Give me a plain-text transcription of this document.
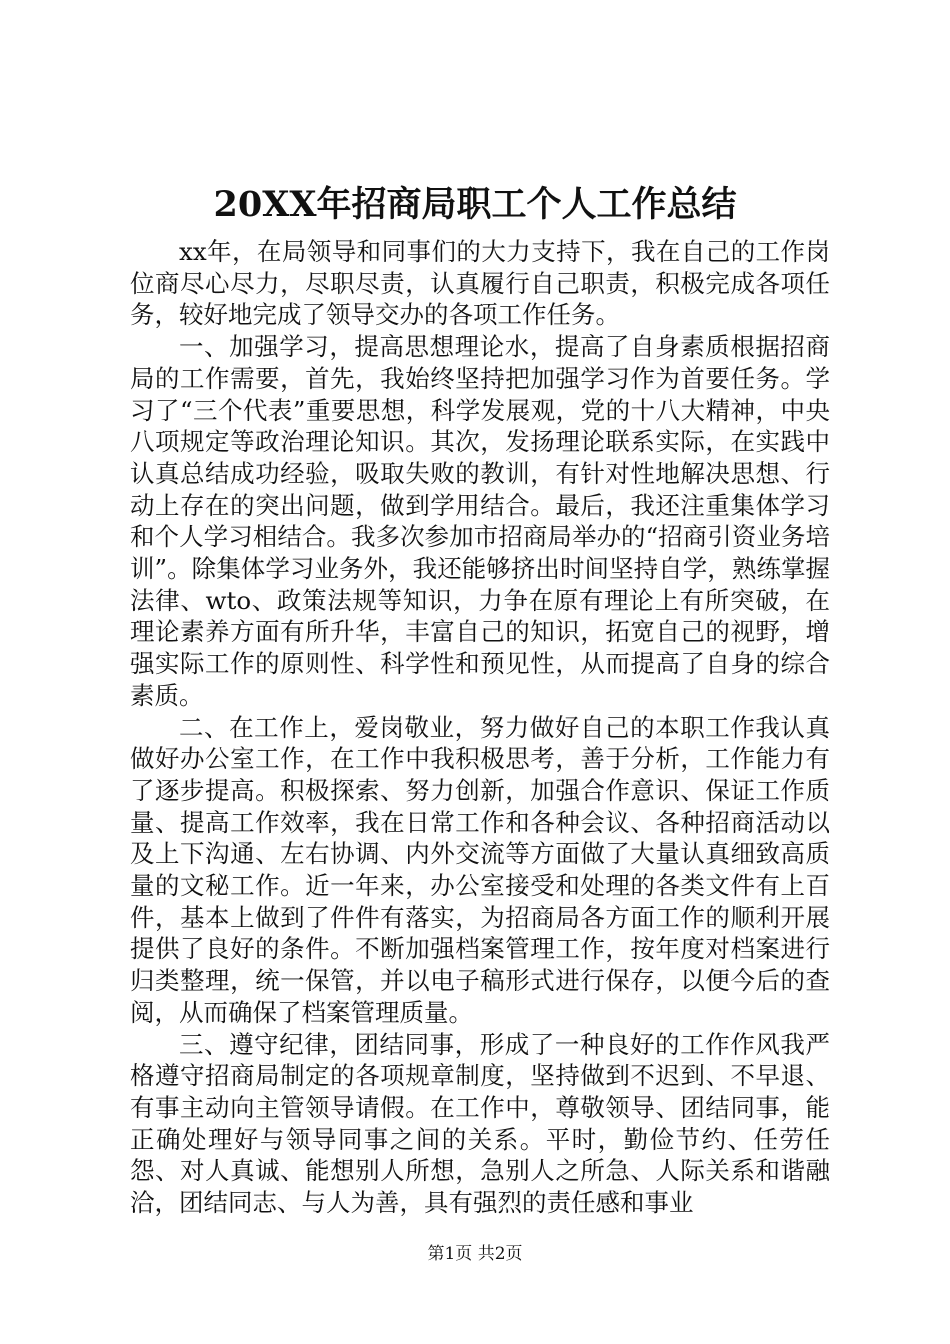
20XX年招商局职工个人工作总结

xx年，在局领导和同事们的大力支持下，我在自己的工作岗位商尽心尽力，尽职尽责，认真履行自己职责，积极完成各项任务，较好地完成了领导交办的各项工作任务。

一、加强学习，提高思想理论水，提高了自身素质根据招商局的工作需要，首先，我始终坚持把加强学习作为首要任务。学习了“三个代表”重要思想，科学发展观，党的十八大精神，中央八项规定等政治理论知识。其次，发扬理论联系实际，在实践中认真总结成功经验，吸取失败的教训，有针对性地解决思想、行动上存在的突出问题，做到学用结合。最后，我还注重集体学习和个人学习相结合。我多次参加市招商局举办的“招商引资业务培训”。除集体学习业务外，我还能够挤出时间坚持自学，熟练掌握法律、wto、政策法规等知识，力争在原有理论上有所突破，在理论素养方面有所升华，丰富自己的知识，拓宽自己的视野，增强实际工作的原则性、科学性和预见性，从而提高了自身的综合素质。

二、在工作上，爱岗敬业，努力做好自己的本职工作我认真做好办公室工作，在工作中我积极思考，善于分析，工作能力有了逐步提高。积极探索、努力创新，加强合作意识、保证工作质量、提高工作效率，我在日常工作和各种会议、各种招商活动以及上下沟通、左右协调、内外交流等方面做了大量认真细致高质量的文秘工作。近一年来，办公室接受和处理的各类文件有上百件，基本上做到了件件有落实，为招商局各方面工作的顺利开展提供了良好的条件。不断加强档案管理工作，按年度对档案进行归类整理，统一保管，并以电子稿形式进行保存，以便今后的查阅，从而确保了档案管理质量。

三、遵守纪律，团结同事，形成了一种良好的工作作风我严格遵守招商局制定的各项规章制度，坚持做到不迟到、不早退、有事主动向主管领导请假。在工作中，尊敬领导、团结同事，能正确处理好与领导同事之间的关系。平时，勤俭节约、任劳任怨、对人真诚、能想别人所想，急别人之所急、人际关系和谐融洽，团结同志、与人为善，具有强烈的责任感和事业

第1页 共2页
